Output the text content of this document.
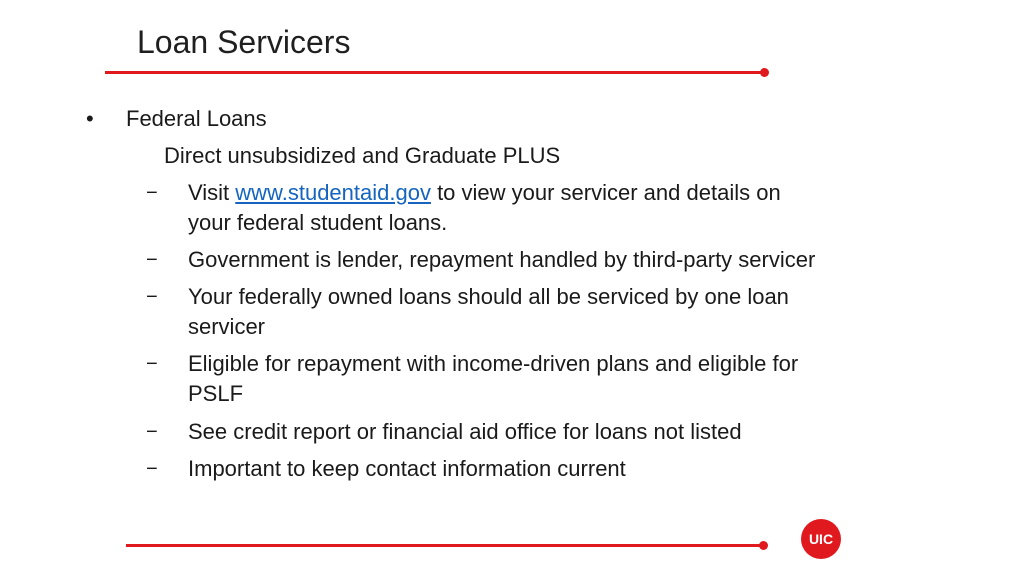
Loan Servicers
• Federal Loans
Direct unsubsidized and Graduate PLUS
− Visit www.studentaid.gov to view your servicer and details on
your federal student loans.
− Government is lender, repayment handled by third-party servicer
− Your federally owned loans should all be serviced by one loan
servicer
− Eligible for repayment with income-driven plans and eligible for
PSLF
− See credit report or financial aid office for loans not listed
− Important to keep contact information current
UIC
